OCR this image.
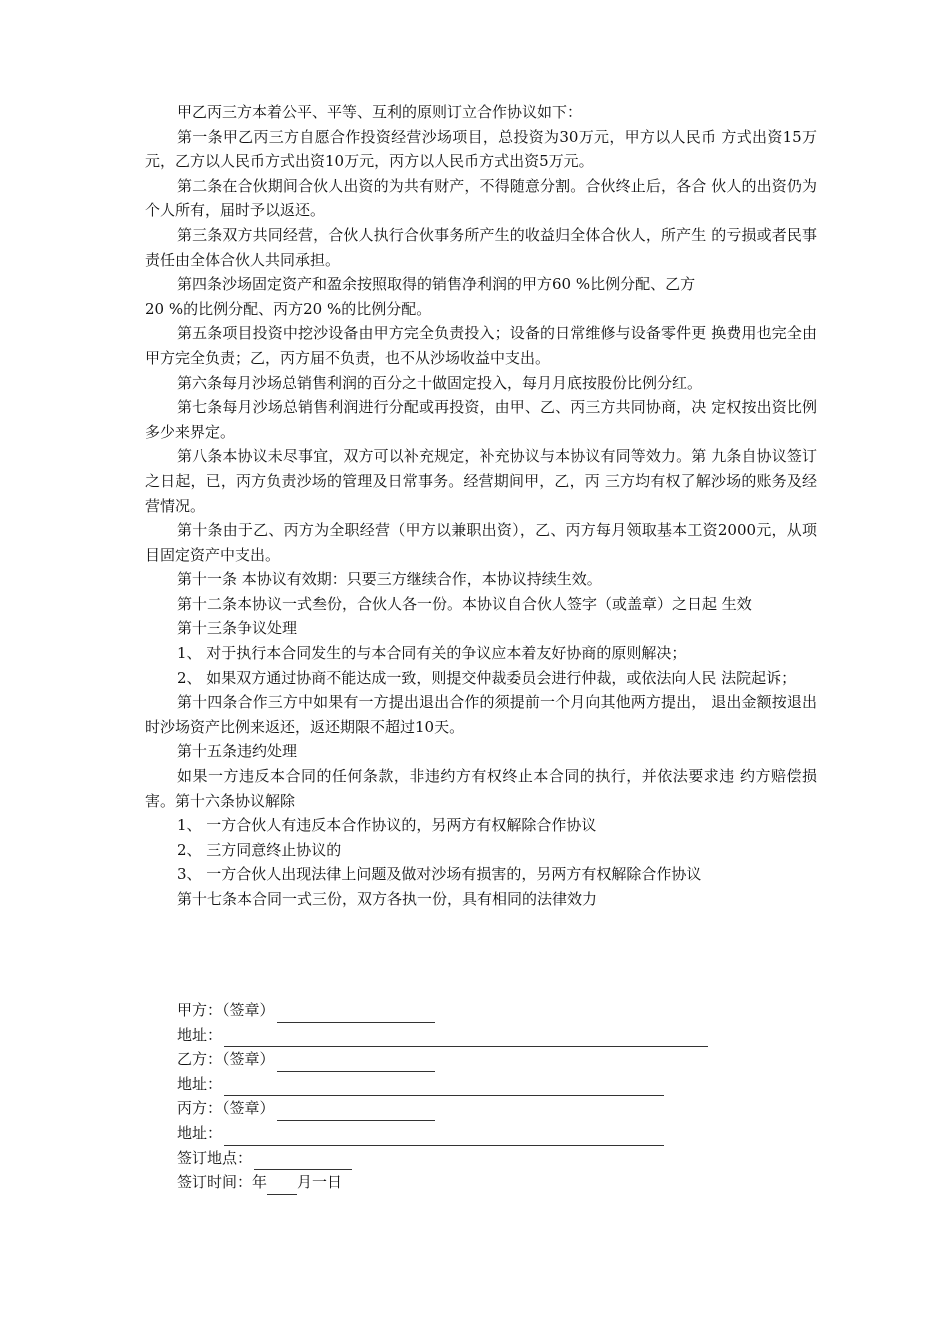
甲乙丙三方本着公平、平等、互利的原则订立合作协议如下：

第一条甲乙丙三方自愿合作投资经营沙场项目，总投资为30万元，甲方以人民币 方式出资15万元，乙方以人民币方式出资10万元，丙方以人民币方式出资5万元。

第二条在合伙期间合伙人出资的为共有财产，不得随意分割。合伙终止后，各合 伙人的出资仍为个人所有，届时予以返还。

第三条双方共同经营，合伙人执行合伙事务所产生的收益归全体合伙人，所产生 的亏损或者民事责任由全体合伙人共同承担。

第四条沙场固定资产和盈余按照取得的销售净利润的甲方60 %比例分配、乙方

20 %的比例分配、丙方20 %的比例分配。

第五条项目投资中挖沙设备由甲方完全负责投入；设备的日常维修与设备零件更 换费用也完全由甲方完全负责；乙，丙方届不负责，也不从沙场收益中支出。

第六条每月沙场总销售利润的百分之十做固定投入，每月月底按股份比例分红。

第七条每月沙场总销售利润进行分配或再投资，由甲、乙、丙三方共同协商，决 定权按出资比例多少来界定。

第八条本协议未尽事宜，双方可以补充规定，补充协议与本协议有同等效力。第 九条自协议签订之日起，已，丙方负责沙场的管理及日常事务。经营期间甲，乙，丙 三方均有权了解沙场的账务及经营情况。

第十条由于乙、丙方为全职经营（甲方以兼职出资），乙、丙方每月领取基本工资2000元，从项目固定资产中支出。

第十一条 本协议有效期：只要三方继续合作，本协议持续生效。

第十二条本协议一式叁份，合伙人各一份。本协议自合伙人签字（或盖章）之日起 生效

第十三条争议处理

1、 对于执行本合同发生的与本合同有关的争议应本着友好协商的原则解决；

2、 如果双方通过协商不能达成一致，则提交仲裁委员会进行仲裁，或依法向人民 法院起诉；

第十四条合作三方中如果有一方提出退出合作的须提前一个月向其他两方提出， 退出金额按退出时沙场资产比例来返还，返还期限不超过10天。

第十五条违约处理

如果一方违反本合同的任何条款，非违约方有权终止本合同的执行，并依法要求违 约方赔偿损害。第十六条协议解除

1、 一方合伙人有违反本合作协议的，另两方有权解除合作协议

2、 三方同意终止协议的

3、 一方合伙人出现法律上问题及做对沙场有损害的，另两方有权解除合作协议

第十七条本合同一式三份，双方各执一份，具有相同的法律效力

甲方：（签章）
地址：
乙方：（签章）
地址：
丙方：（签章）
地址：
签订地点：
签订时间：年 月一日
